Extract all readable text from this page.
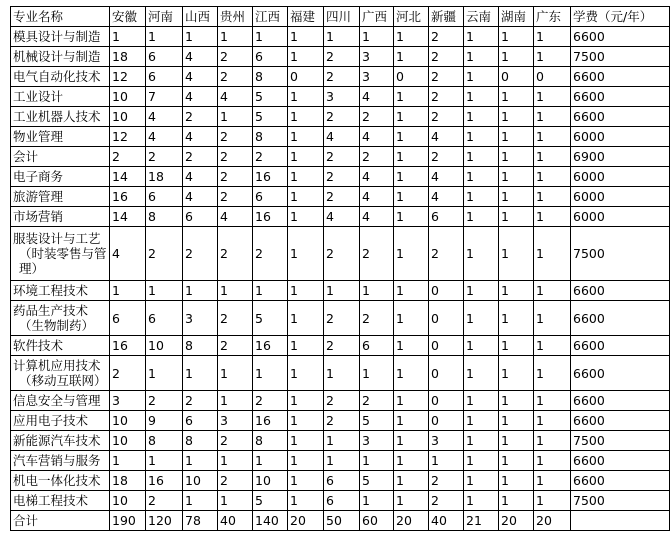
专业名称	安徽	河南	山西	贵州	江西	福建	四川	广西	河北	新疆	云南	湖南	广东	学费（元/年）
模具设计与制造	1	1	1	1	1	1	1	1	1	2	1	1	1	6600
机械设计与制造	18	6	4	2	6	1	2	3	1	2	1	1	1	7500
电气自动化技术	12	6	4	2	8	0	2	3	0	2	1	0	0	6600
工业设计	10	7	4	4	5	1	3	4	1	2	1	1	1	6600
工业机器人技术	10	4	2	1	5	1	2	2	1	2	1	1	1	6600
物业管理	12	4	4	2	8	1	4	4	1	4	1	1	1	6000
会计	2	2	2	2	2	1	2	2	1	2	1	1	1	6900
电子商务	14	18	4	2	16	1	2	4	1	4	1	1	1	6000
旅游管理	16	6	4	2	6	1	2	4	1	4	1	1	1	6000
市场营销	14	8	6	4	16	1	4	4	1	6	1	1	1	6000

服装设计与工艺
（时装零售与管理）	4	2	2	2	2	1	2	2	1	2	1	1	1	7500
环境工程技术	1	1	1	1	1	1	1	1	1	0	1	1	1	6600

药品生产技术
（生物制药）	6	6	3	2	5	1	2	2	1	0	1	1	1	6600
软件技术	16	10	8	2	16	1	2	6	1	0	1	1	1	6600

计算机应用技术
（移动互联网）	2	1	1	1	1	1	1	1	1	0	1	1	1	6600
信息安全与管理	3	2	2	1	2	1	2	2	1	0	1	1	1	6600
应用电子技术	10	9	6	3	16	1	2	5	1	0	1	1	1	6600
新能源汽车技术	10	8	8	2	8	1	1	3	1	3	1	1	1	7500
汽车营销与服务	1	1	1	1	1	1	1	1	1	1	1	1	1	6600
机电一体化技术	18	16	10	2	10	1	6	5	1	2	1	1	1	6600
电梯工程技术	10	2	1	1	5	1	6	1	1	2	1	1	1	7500
合计	190	120	78	40	140	20	50	60	20	40	21	20	20	
